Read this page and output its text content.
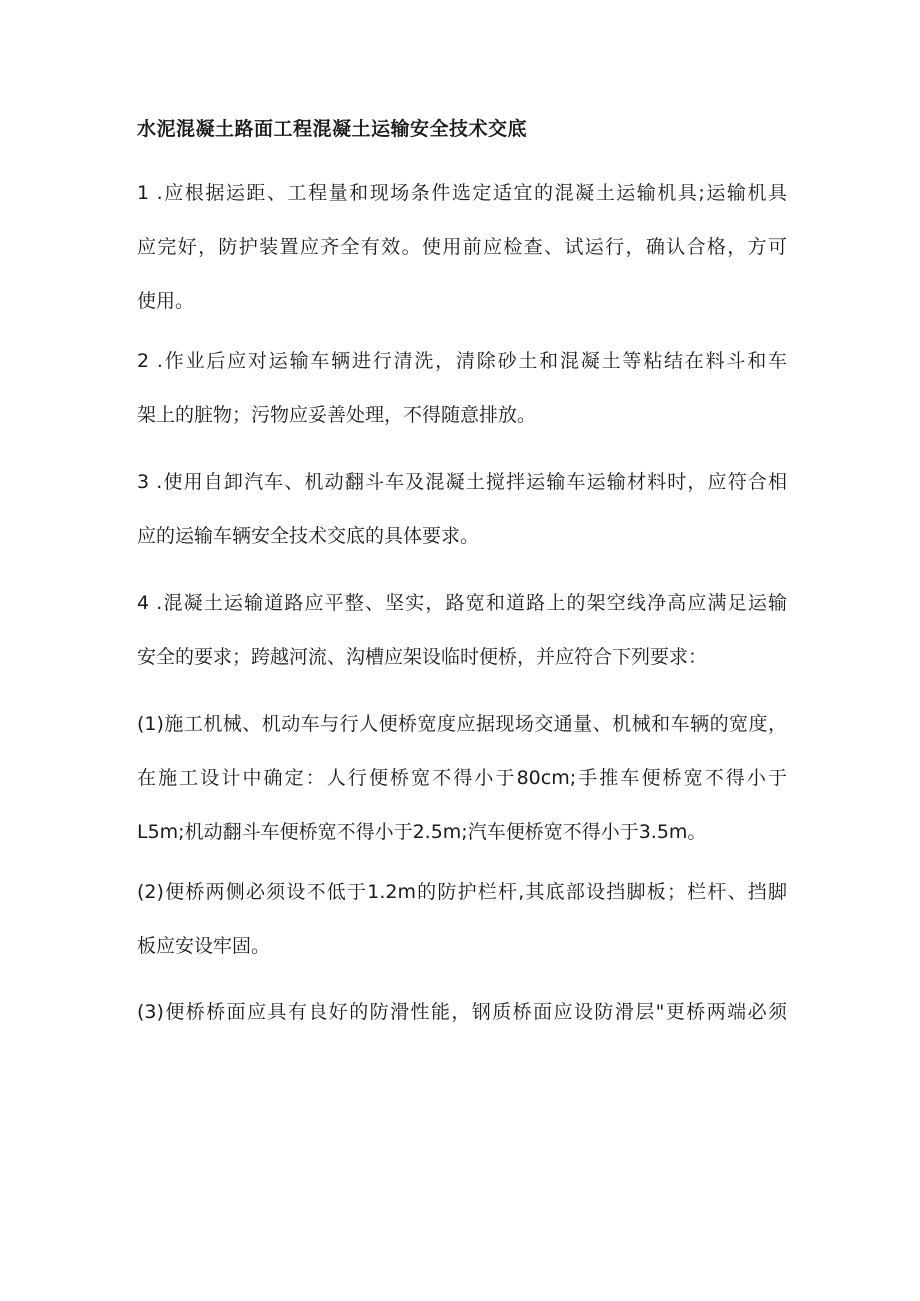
水泥混凝土路面工程混凝土运输安全技术交底
1 .应根据运距、工程量和现场条件选定适宜的混凝土运输机具;运输机具
应完好，防护装置应齐全有效。使用前应检查、试运行，确认合格，方可
使用。
2 .作业后应对运输车辆进行清洗，清除砂土和混凝土等粘结在料斗和车
架上的脏物；污物应妥善处理，不得随意排放。
3 .使用自卸汽车、机动翻斗车及混凝土搅拌运输车运输材料时，应符合相
应的运输车辆安全技术交底的具体要求。
4 .混凝土运输道路应平整、坚实，路宽和道路上的架空线净高应满足运输
安全的要求；跨越河流、沟槽应架设临时便桥，并应符合下列要求：
(1)施工机械、机动车与行人便桥宽度应据现场交通量、机械和车辆的宽度，
在施工设计中确定：人行便桥宽不得小于80cm;手推车便桥宽不得小于
L5m;机动翻斗车便桥宽不得小于2.5m;汽车便桥宽不得小于3.5m。
(2)便桥两侧必须设不低于1.2m的防护栏杆,其底部设挡脚板；栏杆、挡脚
板应安设牢固。
(3)便桥桥面应具有良好的防滑性能，钢质桥面应设防滑层"更桥两端必须
